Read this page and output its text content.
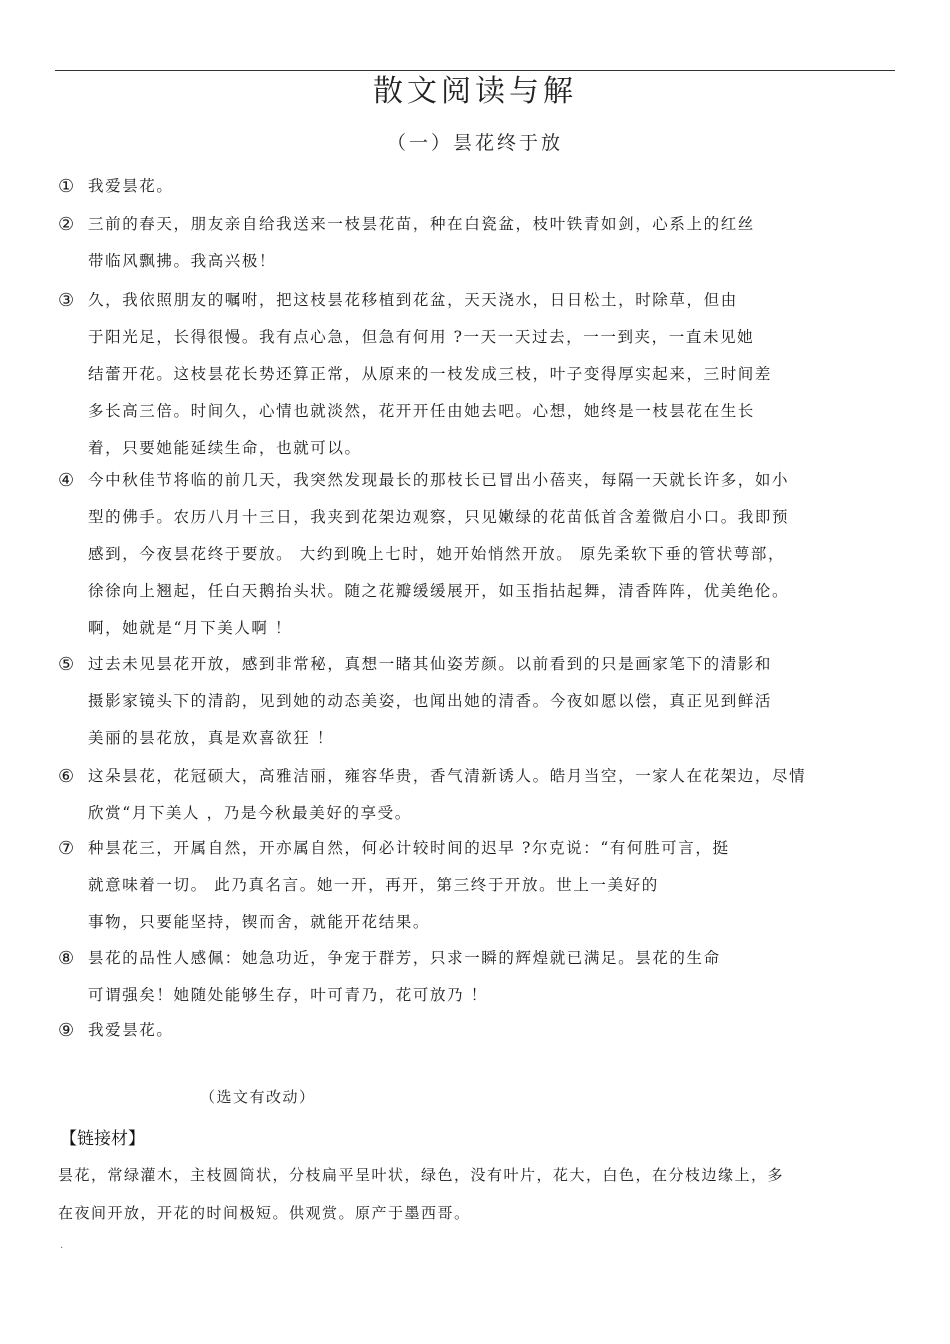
散文阅读与解
（一）昙花终于放
① 我爱昙花。
② 三前的春天，朋友亲自给我送来一枝昙花苗，种在白瓷盆，枝叶铁青如剑，心系上的红丝
带临风飘拂。我高兴极！
③ 久，我依照朋友的嘱咐，把这枝昙花移植到花盆，天天浇水，日日松土，时除草，但由
于阳光足，长得很慢。我有点心急，但急有何用 ?一天一天过去，一一到夹，一直未见她
结蕾开花。这枝昙花长势还算正常，从原来的一枝发成三枝，叶子变得厚实起来，三时间差
多长高三倍。时间久，心情也就淡然，花开开任由她去吧。心想，她终是一枝昙花在生长
着，只要她能延续生命，也就可以。
④ 今中秋佳节将临的前几天，我突然发现最长的那枝长已冒出小蓓夹，每隔一天就长许多，如小
型的佛手。农历八月十三日，我夹到花架边观察，只见嫩绿的花苗低首含羞微启小口。我即预
感到，今夜昙花终于要放。 大约到晚上七时，她开始悄然开放。 原先柔软下垂的管状萼部，
徐徐向上翘起，任白天鹅抬头状。随之花瓣缓缓展开，如玉指拈起舞，清香阵阵，优美绝伦。
啊，她就是“月下美人啊 ！
⑤ 过去未见昙花开放，感到非常秘，真想一睹其仙姿芳颜。以前看到的只是画家笔下的清影和
摄影家镜头下的清韵，见到她的动态美姿，也闻出她的清香。今夜如愿以偿，真正见到鲜活
美丽的昙花放，真是欢喜欲狂 ！
⑥ 这朵昙花，花冠硕大，高雅洁丽，雍容华贵，香气清新诱人。皓月当空，一家人在花架边，尽情
欣赏“月下美人 ，乃是今秋最美好的享受。
⑦ 种昙花三，开属自然，开亦属自然，何必计较时间的迟早 ?尔克说：“有何胜可言，挺
就意味着一切。 此乃真名言。她一开，再开，第三终于开放。世上一美好的
事物，只要能坚持，锲而舍，就能开花结果。
⑧ 昙花的品性人感佩：她急功近，争宠于群芳，只求一瞬的辉煌就已满足。昙花的生命
可谓强矣！她随处能够生存，叶可青乃，花可放乃 ！
⑨ 我爱昙花。
（选文有改动）
【链接材】
昙花，常绿灌木，主枝圆筒状，分枝扁平呈叶状，绿色，没有叶片，花大，白色，在分枝边缘上，多
在夜间开放，开花的时间极短。供观赏。原产于墨西哥。
.
